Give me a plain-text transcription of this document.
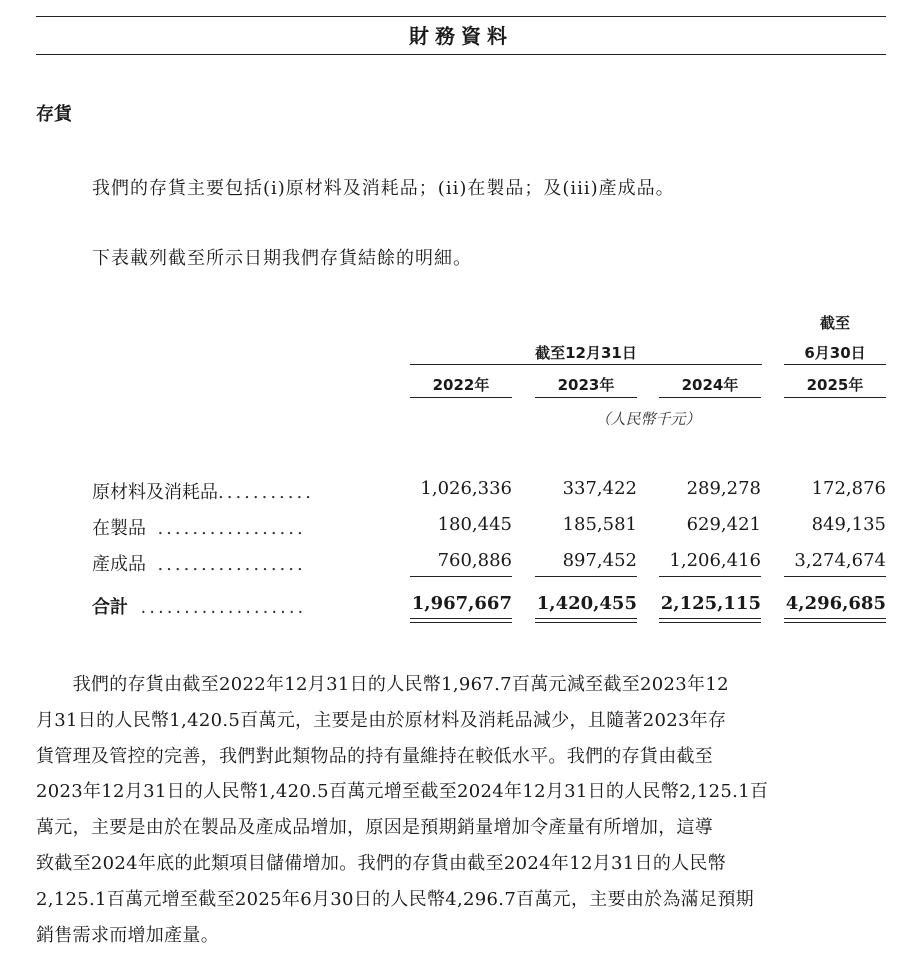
財務資料
存貨
我們的存貨主要包括(i)原材料及消耗品；(ii)在製品；及(iii)產成品。
下表載列截至所示日期我們存貨結餘的明細。
截至
截至12月31日	6月30日
2022年	2023年	2024年	2025年
（人民幣千元）
原材料及消耗品...........	1,026,336	337,422	289,278	172,876
在製品 .................	180,445	185,581	629,421	849,135
產成品 .................	760,886	897,452	1,206,416	3,274,674
合計 ...................	1,967,667 1,420,455 2,125,115 4,296,685
　　我們的存貨由截至2022年12月31日的人民幣1,967.7百萬元減至截至2023年12
月31日的人民幣1,420.5百萬元，主要是由於原材料及消耗品減少，且隨著2023年存
貨管理及管控的完善，我們對此類物品的持有量維持在較低水平。我們的存貨由截至
2023年12月31日的人民幣1,420.5百萬元增至截至2024年12月31日的人民幣2,125.1百
萬元，主要是由於在製品及產成品增加，原因是預期銷量增加令產量有所增加，這導
致截至2024年底的此類項目儲備增加。我們的存貨由截至2024年12月31日的人民幣
2,125.1百萬元增至截至2025年6月30日的人民幣4,296.7百萬元，主要由於為滿足預期
銷售需求而增加產量。
